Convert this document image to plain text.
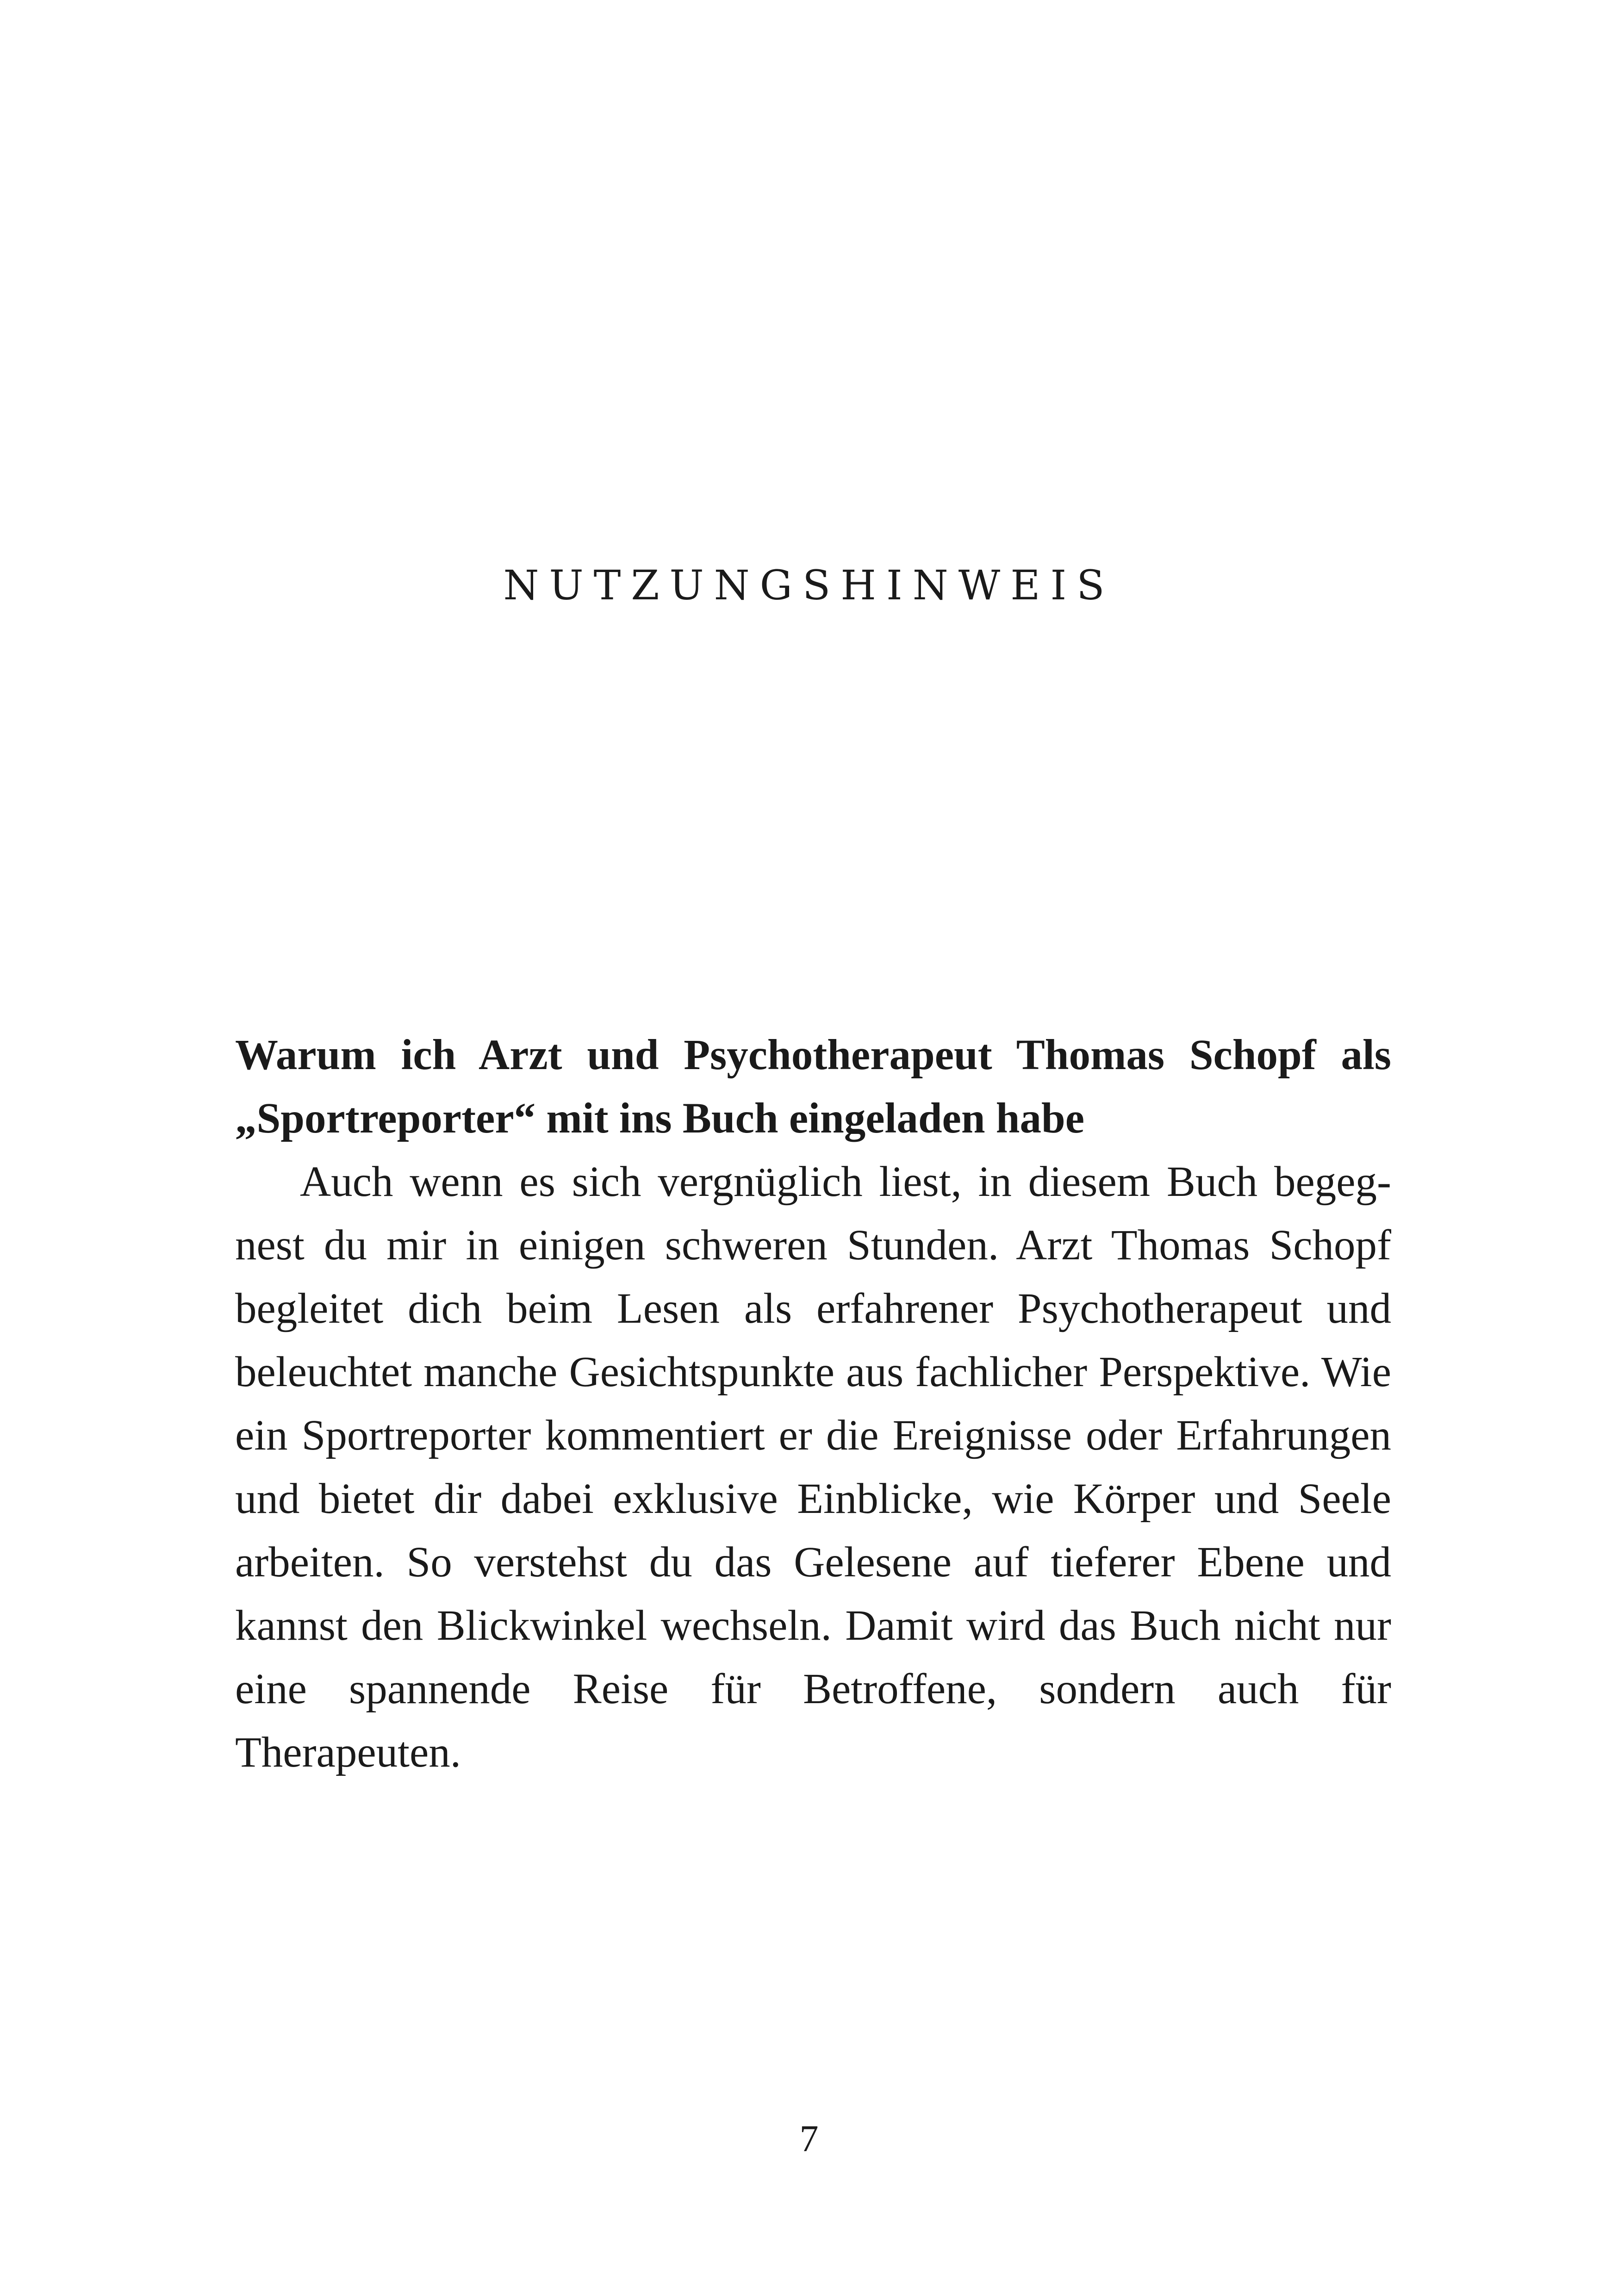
NUTZUNGSHINWEIS

Warum ich Arzt und Psychotherapeut Thomas Schopf als „Sportreporter“ mit ins Buch eingeladen habe

Auch wenn es sich vergnüglich liest, in diesem Buch begegnest du mir in einigen schweren Stunden. Arzt Thomas Schopf begleitet dich beim Lesen als erfahrener Psychotherapeut und beleuchtet manche Gesichtspunkte aus fachlicher Perspektive. Wie ein Sportreporter kommentiert er die Ereignisse oder Erfahrungen und bietet dir dabei exklusive Einblicke, wie Körper und Seele arbeiten. So verstehst du das Gelesene auf tieferer Ebene und kannst den Blickwinkel wechseln. Damit wird das Buch nicht nur eine spannende Reise für Betroffene, sondern auch für Therapeuten.

7
